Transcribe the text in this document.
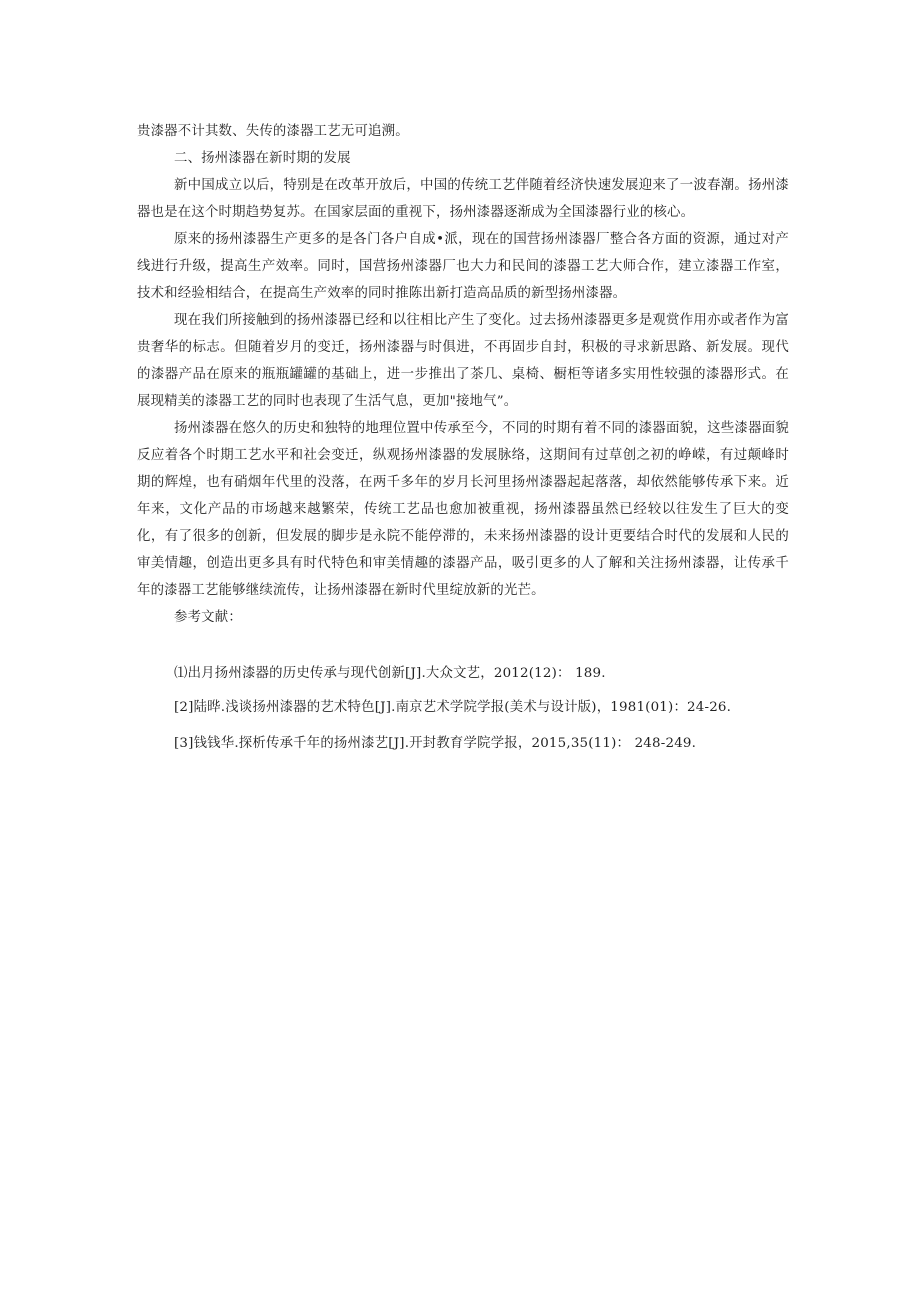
贵漆器不计其数、失传的漆器工艺无可追溯。

二、扬州漆器在新时期的发展

新中国成立以后，特别是在改革开放后，中国的传统工艺伴随着经济快速发展迎来了一波春潮。扬州漆器也是在这个时期趋势复苏。在国家层面的重视下，扬州漆器逐渐成为全国漆器行业的核心。

原来的扬州漆器生产更多的是各门各户自成•派，现在的国营扬州漆器厂整合各方面的资源，通过对产线进行升级，提高生产效率。同时，国营扬州漆器厂也大力和民间的漆器工艺大师合作，建立漆器工作室，技术和经验相结合，在提高生产效率的同时推陈出新打造高品质的新型扬州漆器。

现在我们所接触到的扬州漆器已经和以往相比产生了变化。过去扬州漆器更多是观赏作用亦或者作为富贵奢华的标志。但随着岁月的变迁，扬州漆器与时俱进，不再固步自封，积极的寻求新思路、新发展。现代的漆器产品在原来的瓶瓶罐罐的基础上，进一步推出了茶几、桌椅、橱柜等诸多实用性较强的漆器形式。在展现精美的漆器工艺的同时也表现了生活气息，更加"接地气”。

扬州漆器在悠久的历史和独特的地理位置中传承至今，不同的时期有着不同的漆器面貌，这些漆器面貌反应着各个时期工艺水平和社会变迁，纵观扬州漆器的发展脉络，这期间有过草创之初的峥嵘，有过颠峰时期的辉煌，也有硝烟年代里的没落，在两千多年的岁月长河里扬州漆器起起落落，却依然能够传承下来。近年来，文化产品的市场越来越繁荣，传统工艺品也愈加被重视，扬州漆器虽然已经较以往发生了巨大的变化，有了很多的创新，但发展的脚步是永院不能停滞的，未来扬州漆器的设计更要结合时代的发展和人民的审美情趣，创造出更多具有时代特色和审美情趣的漆器产品，吸引更多的人了解和关注扬州漆器，让传承千年的漆器工艺能够继续流传，让扬州漆器在新时代里绽放新的光芒。

参考文献：

⑴出月扬州漆器的历史传承与现代创新[J].大众文艺，2012(12)： 189.
[2]陆晔.浅谈扬州漆器的艺术特色[J].南京艺术学院学报(美术与设计版)，1981(01)：24-26.
[3]钱钱华.探析传承千年的扬州漆艺[J].开封教育学院学报，2015,35(11)： 248-249.
